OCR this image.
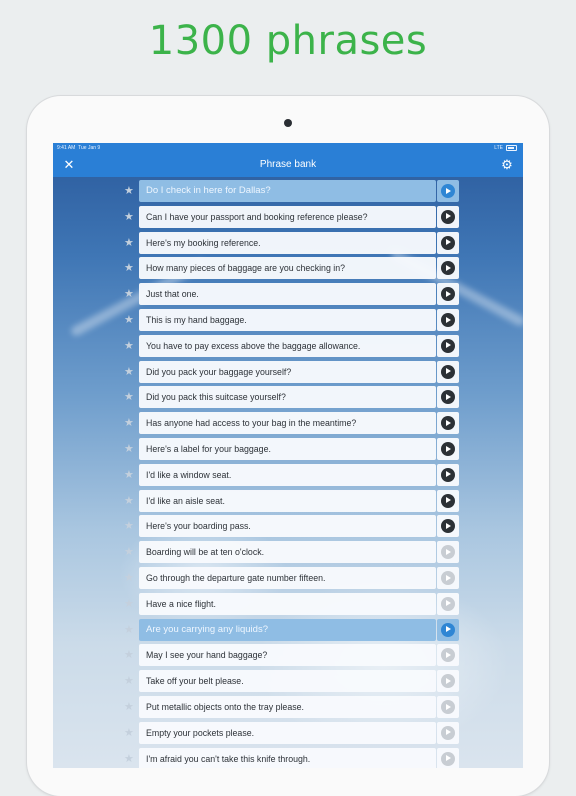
1300 phrases
9:41 AM Tue Jan 9	LTE
✕	Phrase bank	⚙
★	Do I check in here for Dallas?
★	Can I have your passport and booking reference please?
★	Here's my booking reference.
★	How many pieces of baggage are you checking in?
★	Just that one.
★	This is my hand baggage.
★	You have to pay excess above the baggage allowance.
★	Did you pack your baggage yourself?
★	Did you pack this suitcase yourself?
★	Has anyone had access to your bag in the meantime?
★	Here's a label for your baggage.
★	I'd like a window seat.
★	I'd like an aisle seat.
★	Here's your boarding pass.
★	Boarding will be at ten o'clock.
★	Go through the departure gate number fifteen.
★	Have a nice flight.
★	Are you carrying any liquids?
★	May I see your hand baggage?
★	Take off your belt please.
★	Put metallic objects onto the tray please.
★	Empty your pockets please.
★	I'm afraid you can't take this knife through.
